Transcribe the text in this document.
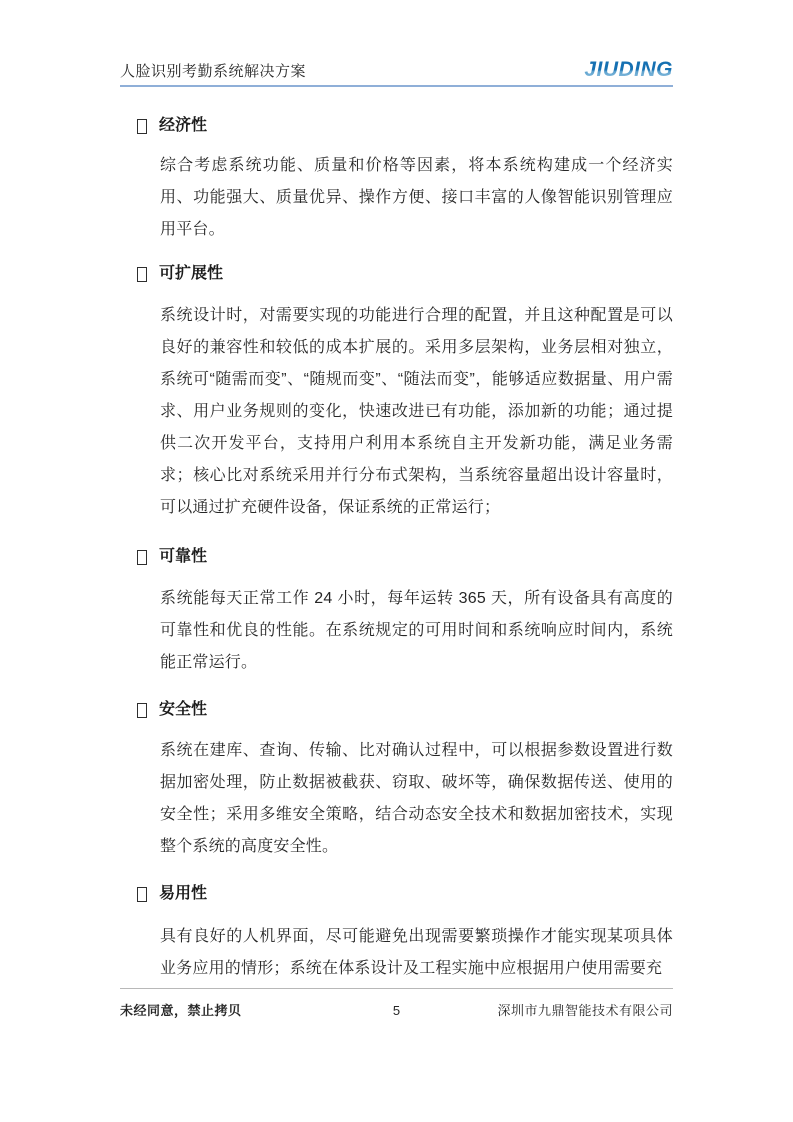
人脸识别考勤系统解决方案	JIUDING
经济性

综合考虑系统功能、质量和价格等因素，将本系统构建成一个经济实用、功能强大、质量优异、操作方便、接口丰富的人像智能识别管理应用平台。

可扩展性

系统设计时，对需要实现的功能进行合理的配置，并且这种配置是可以良好的兼容性和较低的成本扩展的。采用多层架构，业务层相对独立，系统可“随需而变”、“随规而变”、“随法而变”，能够适应数据量、用户需求、用户业务规则的变化，快速改进已有功能，添加新的功能；通过提供二次开发平台，支持用户利用本系统自主开发新功能，满足业务需求；核心比对系统采用并行分布式架构，当系统容量超出设计容量时，可以通过扩充硬件设备，保证系统的正常运行；

可靠性

系统能每天正常工作 24 小时，每年运转 365 天，所有设备具有高度的可靠性和优良的性能。在系统规定的可用时间和系统响应时间内，系统能正常运行。

安全性

系统在建库、查询、传输、比对确认过程中，可以根据参数设置进行数据加密处理，防止数据被截获、窃取、破坏等，确保数据传送、使用的安全性；采用多维安全策略，结合动态安全技术和数据加密技术，实现整个系统的高度安全性。

易用性

具有良好的人机界面，尽可能避免出现需要繁琐操作才能实现某项具体业务应用的情形；系统在体系设计及工程实施中应根据用户使用需要充

未经同意，禁止拷贝	5	深圳市九鼎智能技术有限公司
